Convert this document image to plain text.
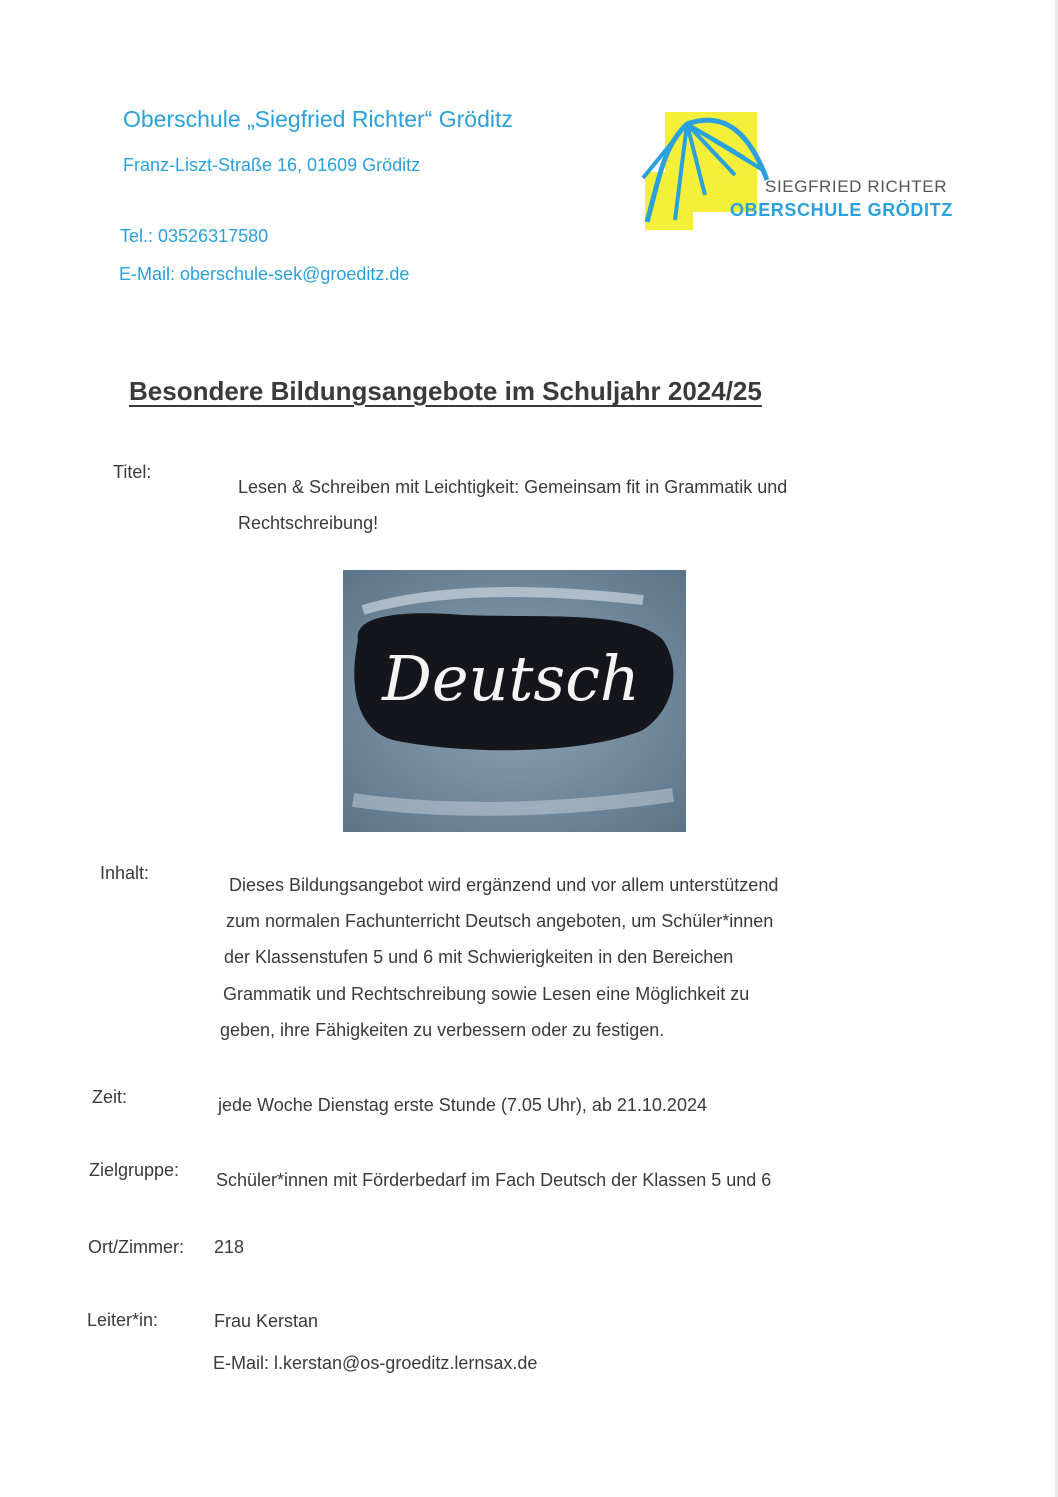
Oberschule „Siegfried Richter“ Gröditz
Franz-Liszt-Straße 16, 01609 Gröditz
Tel.: 03526317580
E-Mail: oberschule-sek@groeditz.de
SIEGFRIED RICHTER
OBERSCHULE GRÖDITZ
Besondere Bildungsangebote im Schuljahr 2024/25
Titel:
Lesen & Schreiben mit Leichtigkeit: Gemeinsam fit in Grammatik und Rechtschreibung!
Deutsch
Inhalt:
Dieses Bildungsangebot wird ergänzend und vor allem unterstützend
zum normalen Fachunterricht Deutsch angeboten, um Schüler*innen
der Klassenstufen 5 und 6 mit Schwierigkeiten in den Bereichen
Grammatik und Rechtschreibung sowie Lesen eine Möglichkeit zu
geben, ihre Fähigkeiten zu verbessern oder zu festigen.
Zeit:	jede Woche Dienstag erste Stunde (7.05 Uhr), ab 21.10.2024
Zielgruppe: Schüler*innen mit Förderbedarf im Fach Deutsch der Klassen 5 und 6
Ort/Zimmer: 218
Leiter*in:	Frau Kerstan
E-Mail: l.kerstan@os-groeditz.lernsax.de
